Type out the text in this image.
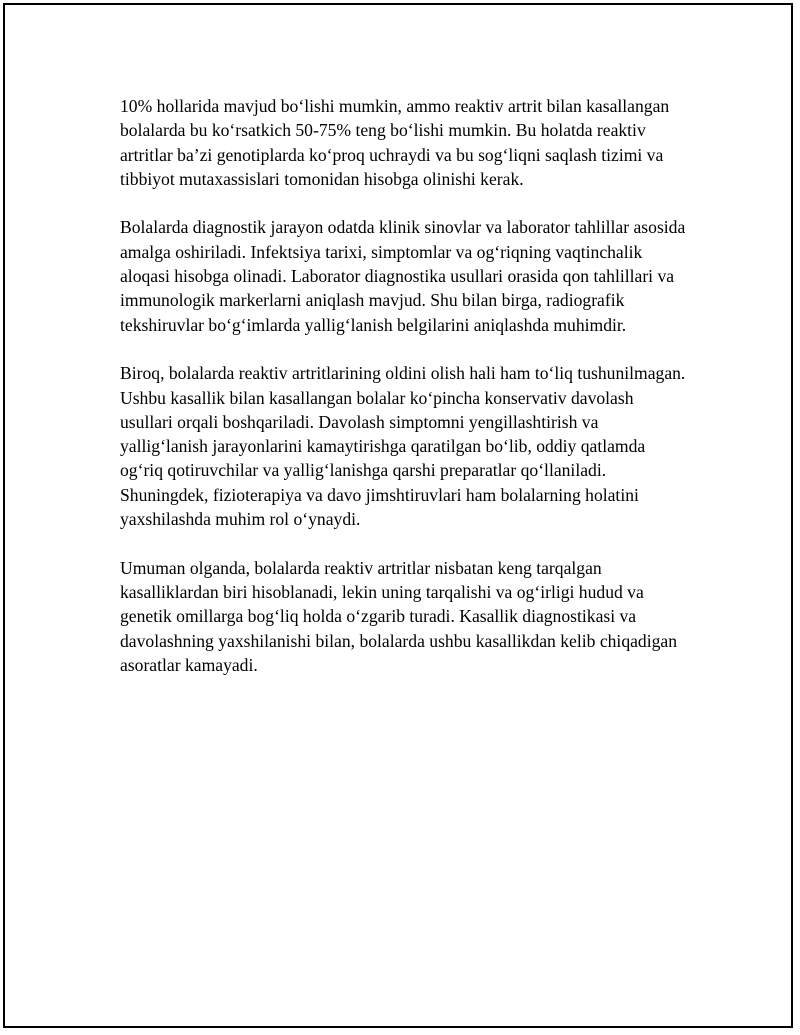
10% hollarida mavjud bo‘lishi mumkin, ammo reaktiv artrit bilan kasallangan bolalarda bu ko‘rsatkich 50-75% teng bo‘lishi mumkin. Bu holatda reaktiv artritlar ba’zi genotiplarda ko‘proq uchraydi va bu sog‘liqni saqlash tizimi va tibbiyot mutaxassislari tomonidan hisobga olinishi kerak.

Bolalarda diagnostik jarayon odatda klinik sinovlar va laborator tahlillar asosida amalga oshiriladi. Infektsiya tarixi, simptomlar va og‘riqning vaqtinchalik aloqasi hisobga olinadi. Laborator diagnostika usullari orasida qon tahlillari va immunologik markerlarni aniqlash mavjud. Shu bilan birga, radiografik tekshiruvlar bo‘g‘imlarda yallig‘lanish belgilarini aniqlashda muhimdir.

Biroq, bolalarda reaktiv artritlarining oldini olish hali ham to‘liq tushunilmagan. Ushbu kasallik bilan kasallangan bolalar ko‘pincha konservativ davolash usullari orqali boshqariladi. Davolash simptomni yengillashtirish va yallig‘lanish jarayonlarini kamaytirishga qaratilgan bo‘lib, oddiy qatlamda og‘riq qotiruvchilar va yallig‘lanishga qarshi preparatlar qo‘llaniladi. Shuningdek, fizioterapiya va davo jimshtiruvlari ham bolalarning holatini yaxshilashda muhim rol o‘ynaydi.

Umuman olganda, bolalarda reaktiv artritlar nisbatan keng tarqalgan kasalliklardan biri hisoblanadi, lekin uning tarqalishi va og‘irligi hudud va genetik omillarga bog‘liq holda o‘zgarib turadi. Kasallik diagnostikasi va davolashning yaxshilanishi bilan, bolalarda ushbu kasallikdan kelib chiqadigan asoratlar kamayadi.
